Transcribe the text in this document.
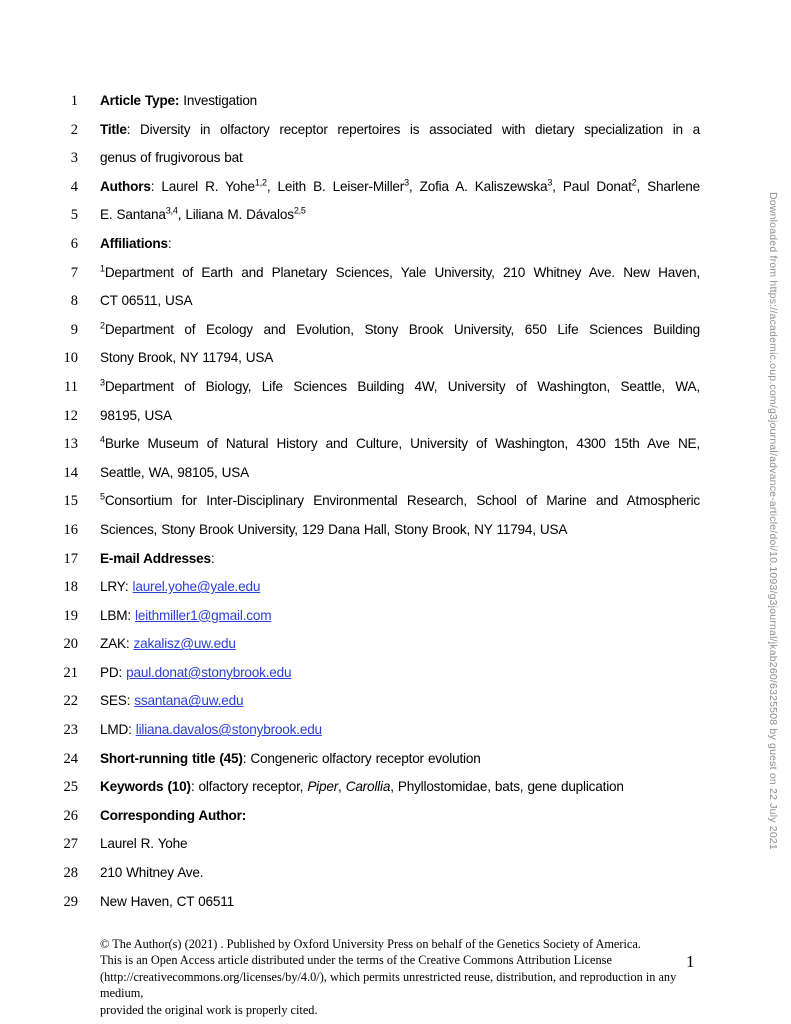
1 Article Type: Investigation
2 Title: Diversity in olfactory receptor repertoires is associated with dietary specialization in a
3 genus of frugivorous bat
4 Authors: Laurel R. Yohe$^{1,2}$, Leith B. Leiser-Miller$^3$, Zofia A. Kaliszewska$^3$, Paul Donat$^2$, Sharlene
5 E. Santana$^{3,4}$, Liliana M. Dávalos$^{2,5}$
6 Affiliations:
7 $^1$Department of Earth and Planetary Sciences, Yale University, 210 Whitney Ave. New Haven,
8 CT 06511, USA
9 $^2$Department of Ecology and Evolution, Stony Brook University, 650 Life Sciences Building
10 Stony Brook, NY 11794, USA
11 $^3$Department of Biology, Life Sciences Building 4W, University of Washington, Seattle, WA,
12 98195, USA
13 $^4$Burke Museum of Natural History and Culture, University of Washington, 4300 15th Ave NE,
14 Seattle, WA, 98105, USA
15 $^5$Consortium for Inter-Disciplinary Environmental Research, School of Marine and Atmospheric
16 Sciences, Stony Brook University, 129 Dana Hall, Stony Brook, NY 11794, USA
17 E-mail Addresses:
18 LRY: laurel.yohe@yale.edu
19 LBM: leithmiller1@gmail.com
20 ZAK: zakalisz@uw.edu
21 PD: paul.donat@stonybrook.edu
22 SES: ssantana@uw.edu
23 LMD: liliana.davalos@stonybrook.edu
24 Short-running title (45): Congeneric olfactory receptor evolution
25 Keywords (10): olfactory receptor, Piper, Carollia, Phyllostomidae, bats, gene duplication
26 Corresponding Author:
27 Laurel R. Yohe
28 210 Whitney Ave.
29 New Haven, CT 06511
Downloaded from https://academic.oup.com/g3journal/advance-article/doi/10.1093/g3journal/jkab260/6325508 by guest on 22 July 2021
© The Author(s) (2021) . Published by Oxford University Press on behalf of the Genetics Society of America.
This is an Open Access article distributed under the terms of the Creative Commons Attribution License
(http://creativecommons.org/licenses/by/4.0/), which permits unrestricted reuse, distribution, and reproduction in any medium,
provided the original work is properly cited.
1
